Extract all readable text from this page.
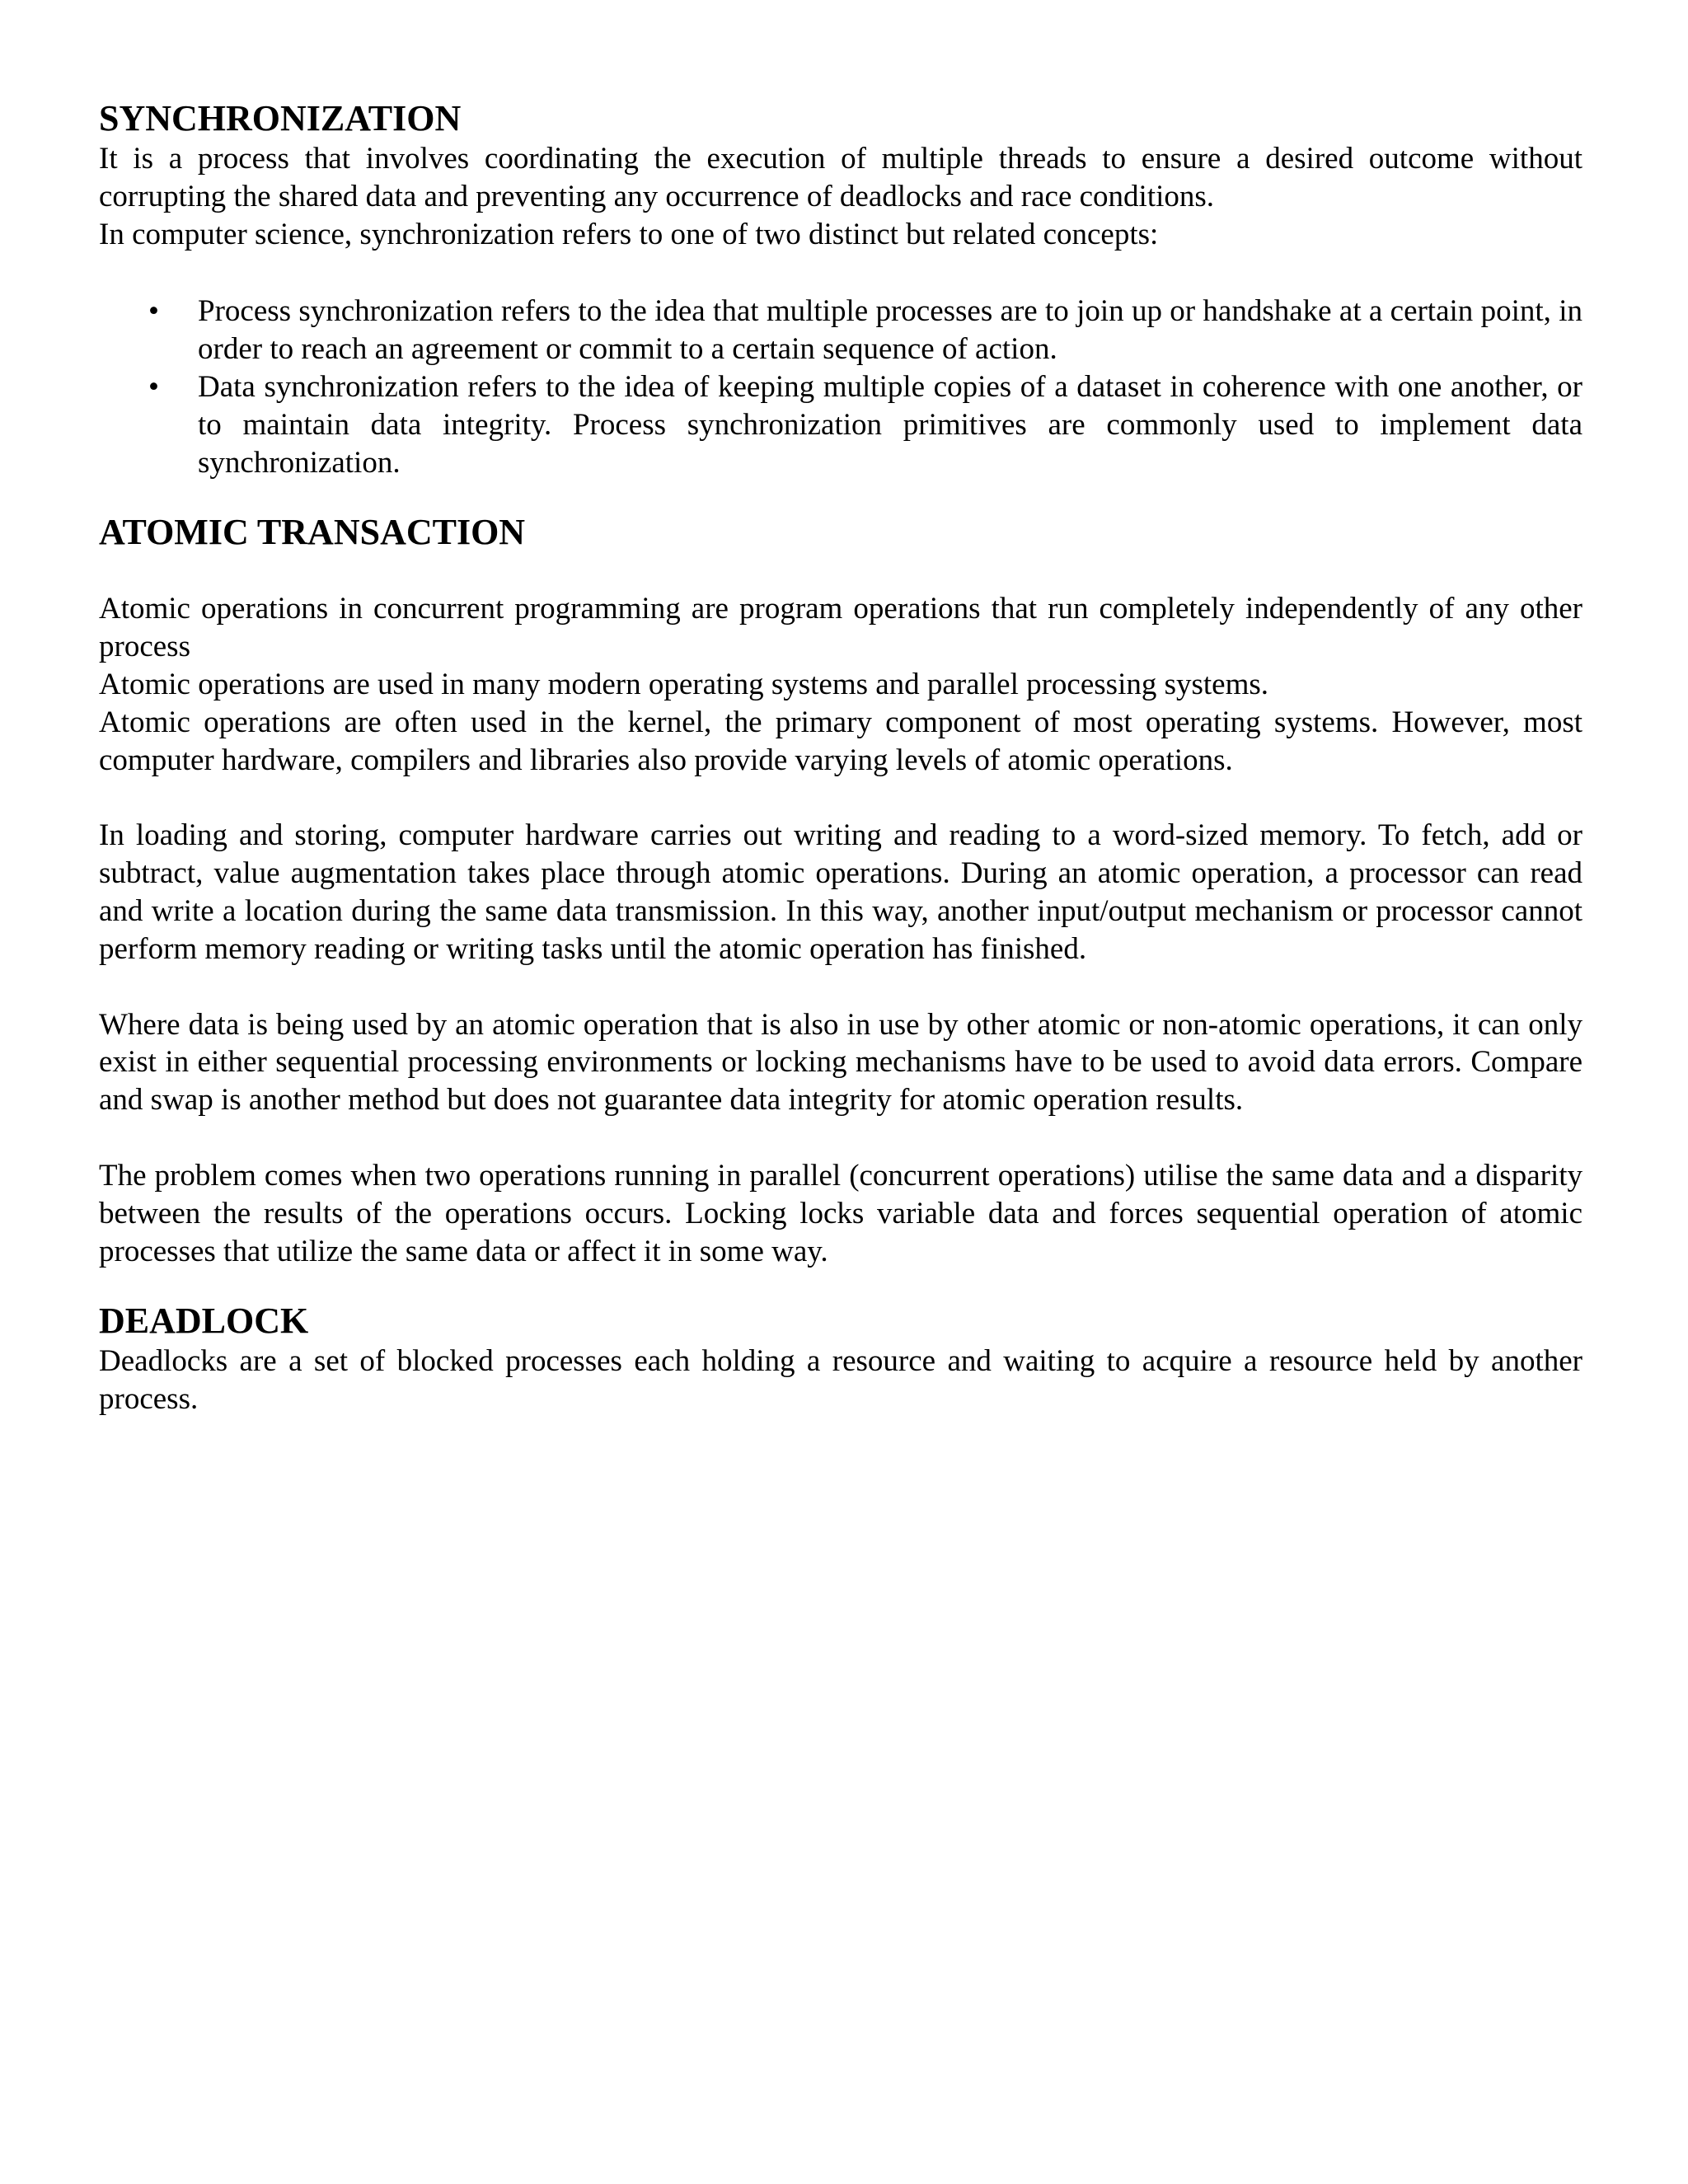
SYNCHRONIZATION

It is a process that involves coordinating the execution of multiple threads to ensure a desired outcome without corrupting the shared data and preventing any occurrence of deadlocks and race conditions.

In computer science, synchronization refers to one of two distinct but related concepts:

• Process synchronization refers to the idea that multiple processes are to join up or handshake at a certain point, in order to reach an agreement or commit to a certain sequence of action.
• Data synchronization refers to the idea of keeping multiple copies of a dataset in coherence with one another, or to maintain data integrity. Process synchronization primitives are commonly used to implement data synchronization.
ATOMIC TRANSACTION

Atomic operations in concurrent programming are program operations that run completely independently of any other process

Atomic operations are used in many modern operating systems and parallel processing systems.

Atomic operations are often used in the kernel, the primary component of most operating systems. However, most computer hardware, compilers and libraries also provide varying levels of atomic operations.

In loading and storing, computer hardware carries out writing and reading to a word-sized memory. To fetch, add or subtract, value augmentation takes place through atomic operations. During an atomic operation, a processor can read and write a location during the same data transmission. In this way, another input/output mechanism or processor cannot perform memory reading or writing tasks until the atomic operation has finished.

Where data is being used by an atomic operation that is also in use by other atomic or non-atomic operations, it can only exist in either sequential processing environments or locking mechanisms have to be used to avoid data errors. Compare and swap is another method but does not guarantee data integrity for atomic operation results.

The problem comes when two operations running in parallel (concurrent operations) utilise the same data and a disparity between the results of the operations occurs. Locking locks variable data and forces sequential operation of atomic processes that utilize the same data or affect it in some way.

DEADLOCK

Deadlocks are a set of blocked processes each holding a resource and waiting to acquire a resource held by another process.
